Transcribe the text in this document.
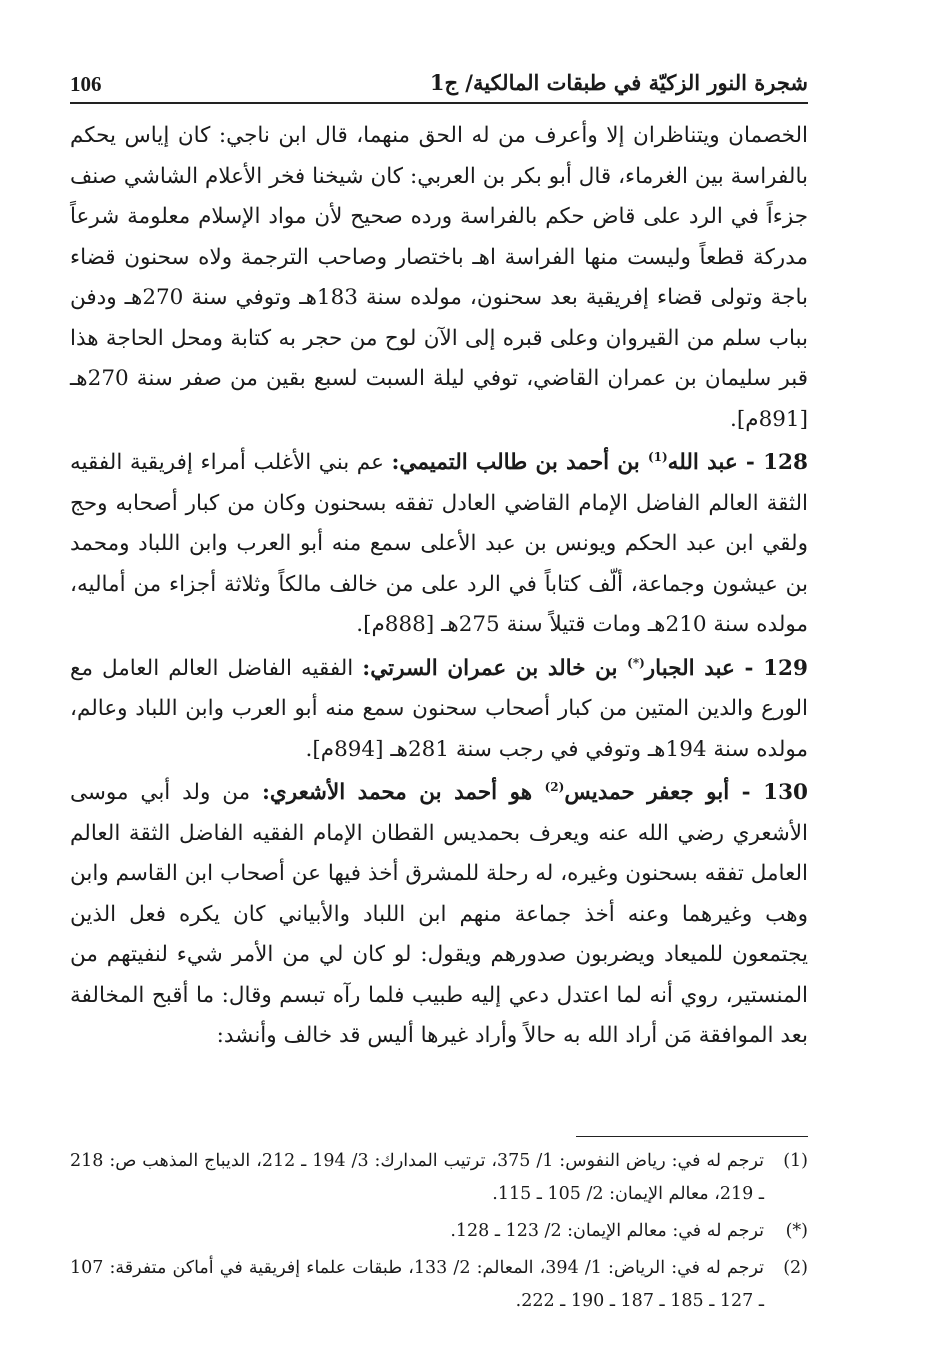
106	شجرة النور الزكيّة في طبقات المالكية/ ج1

الخصمان ويتناظران إلا وأعرف من له الحق منهما، قال ابن ناجي: كان إياس يحكم بالفراسة بين الغرماء، قال أبو بكر بن العربي: كان شيخنا فخر الأعلام الشاشي صنف جزءاً في الرد على قاض حكم بالفراسة ورده صحيح لأن مواد الإسلام معلومة شرعاً مدركة قطعاً وليست منها الفراسة اهـ باختصار وصاحب الترجمة ولاه سحنون قضاء باجة وتولى قضاء إفريقية بعد سحنون، مولده سنة 183هـ وتوفي سنة 270هـ ودفن بباب سلم من القيروان وعلى قبره إلى الآن لوح من حجر به كتابة ومحل الحاجة هذا قبر سليمان بن عمران القاضي، توفي ليلة السبت لسبع بقين من صفر سنة 270هـ [891م].

128 - عبد الله$^{(1)}$ بن أحمد بن طالب التميمي: عم بني الأغلب أمراء إفريقية الفقيه الثقة العالم الفاضل الإمام القاضي العادل تفقه بسحنون وكان من كبار أصحابه وحج ولقي ابن عبد الحكم ويونس بن عبد الأعلى سمع منه أبو العرب وابن اللباد ومحمد بن عيشون وجماعة، ألّف كتاباً في الرد على من خالف مالكاً وثلاثة أجزاء من أماليه، مولده سنة 210هـ ومات قتيلاً سنة 275هـ [888م].

129 - عبد الجبار(*) بن خالد بن عمران السرتي: الفقيه الفاضل العالم العامل مع الورع والدين المتين من كبار أصحاب سحنون سمع منه أبو العرب وابن اللباد وعالم، مولده سنة 194هـ وتوفي في رجب سنة 281هـ [894م].

130 - أبو جعفر حمديس$^{(2)}$ هو أحمد بن محمد الأشعري: من ولد أبي موسى الأشعري رضي الله عنه ويعرف بحمديس القطان الإمام الفقيه الفاضل الثقة العالم العامل تفقه بسحنون وغيره، له رحلة للمشرق أخذ فيها عن أصحاب ابن القاسم وابن وهب وغيرهما وعنه أخذ جماعة منهم ابن اللباد والأبياني كان يكره فعل الذين يجتمعون للميعاد ويضربون صدورهم ويقول: لو كان لي من الأمر شيء لنفيتهم من المنستير، روي أنه لما اعتدل دعي إليه طبيب فلما رآه تبسم وقال: ما أقبح المخالفة بعد الموافقة مَن أراد الله به حالاً وأراد غيرها أليس قد خالف وأنشد:

(1)
ترجم له في: رياض النفوس: 1/ 375، ترتيب المدارك: 3/ 194 ـ 212، الديباج المذهب ص: 218 ـ 219، معالم الإيمان: 2/ 105 ـ 115.
(*)
ترجم له في: معالم الإيمان: 2/ 123 ـ 128.
(2)
ترجم له في: الرياض: 1/ 394، المعالم: 2/ 133، طبقات علماء إفريقية في أماكن متفرقة: 107 ـ 127 ـ 185 ـ 187 ـ 190 ـ 222.
